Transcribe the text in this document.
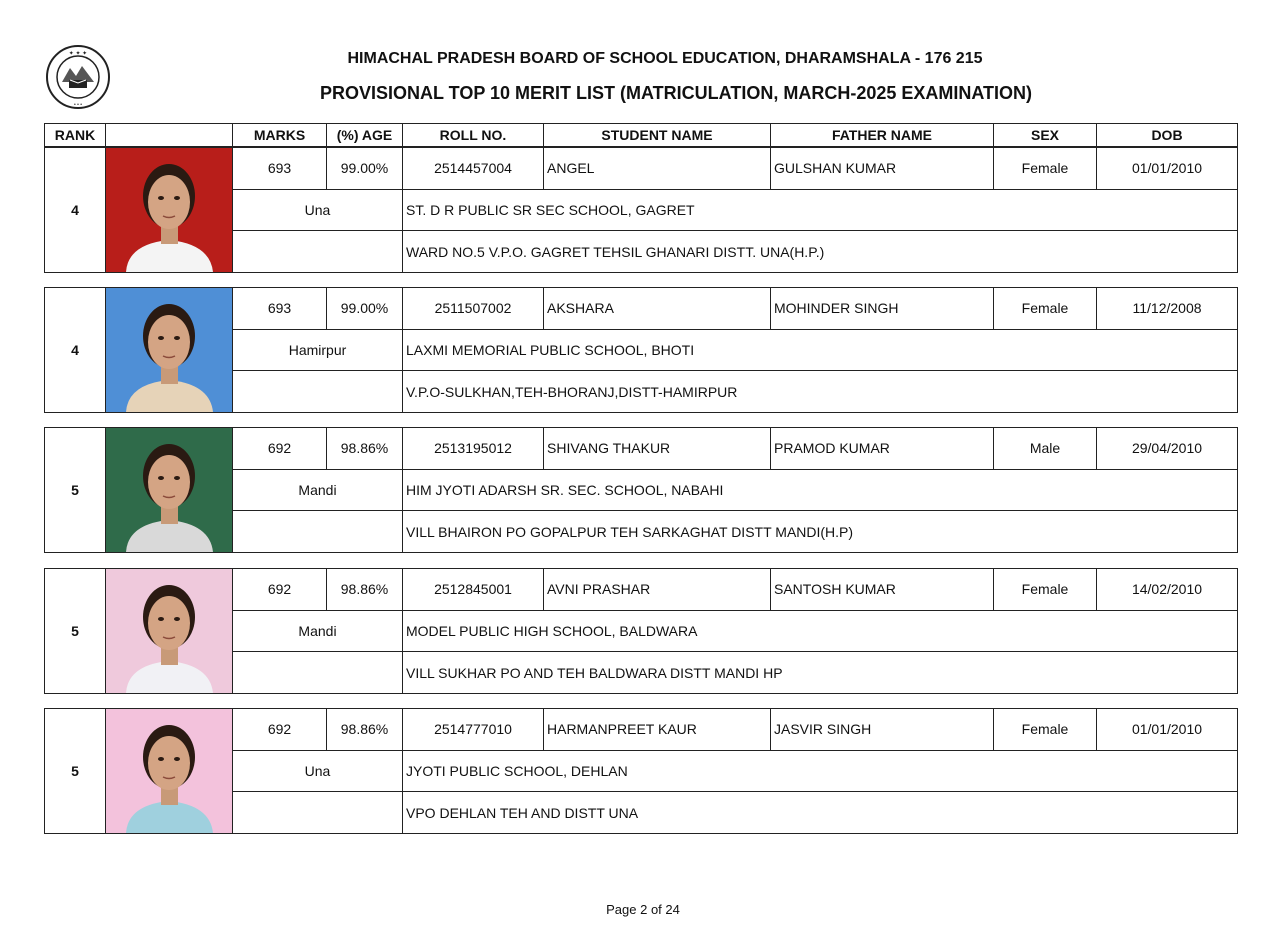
✦ ✦ ✦
• • •
HIMACHAL PRADESH BOARD OF SCHOOL EDUCATION, DHARAMSHALA - 176 215
PROVISIONAL TOP 10 MERIT LIST (MATRICULATION, MARCH-2025 EXAMINATION)
RANK		MARKS	(%) AGE	ROLL NO.	STUDENT NAME	FATHER NAME	SEX	DOB
4		693	99.00%	2514457004	ANGEL	GULSHAN KUMAR	Female	01/01/2010
		Una		ST. D R PUBLIC SR SEC SCHOOL, GAGRET				
				WARD NO.5 V.P.O. GAGRET TEHSIL GHANARI DISTT. UNA(H.P.)				
4		693	99.00%	2511507002	AKSHARA	MOHINDER SINGH	Female	11/12/2008
		Hamirpur		LAXMI MEMORIAL PUBLIC SCHOOL, BHOTI				
				V.P.O-SULKHAN,TEH-BHORANJ,DISTT-HAMIRPUR				
5		692	98.86%	2513195012	SHIVANG THAKUR	PRAMOD KUMAR	Male	29/04/2010
		Mandi		HIM JYOTI ADARSH SR. SEC. SCHOOL, NABAHI				
				VILL BHAIRON PO GOPALPUR TEH SARKAGHAT DISTT MANDI(H.P)				
5		692	98.86%	2512845001	AVNI PRASHAR	SANTOSH KUMAR	Female	14/02/2010
		Mandi		MODEL PUBLIC HIGH SCHOOL, BALDWARA				
				VILL SUKHAR PO AND TEH BALDWARA DISTT MANDI HP				
5		692	98.86%	2514777010	HARMANPREET KAUR	JASVIR SINGH	Female	01/01/2010
		Una		JYOTI PUBLIC SCHOOL, DEHLAN				
				VPO DEHLAN TEH AND DISTT UNA				
Page 2 of 24
